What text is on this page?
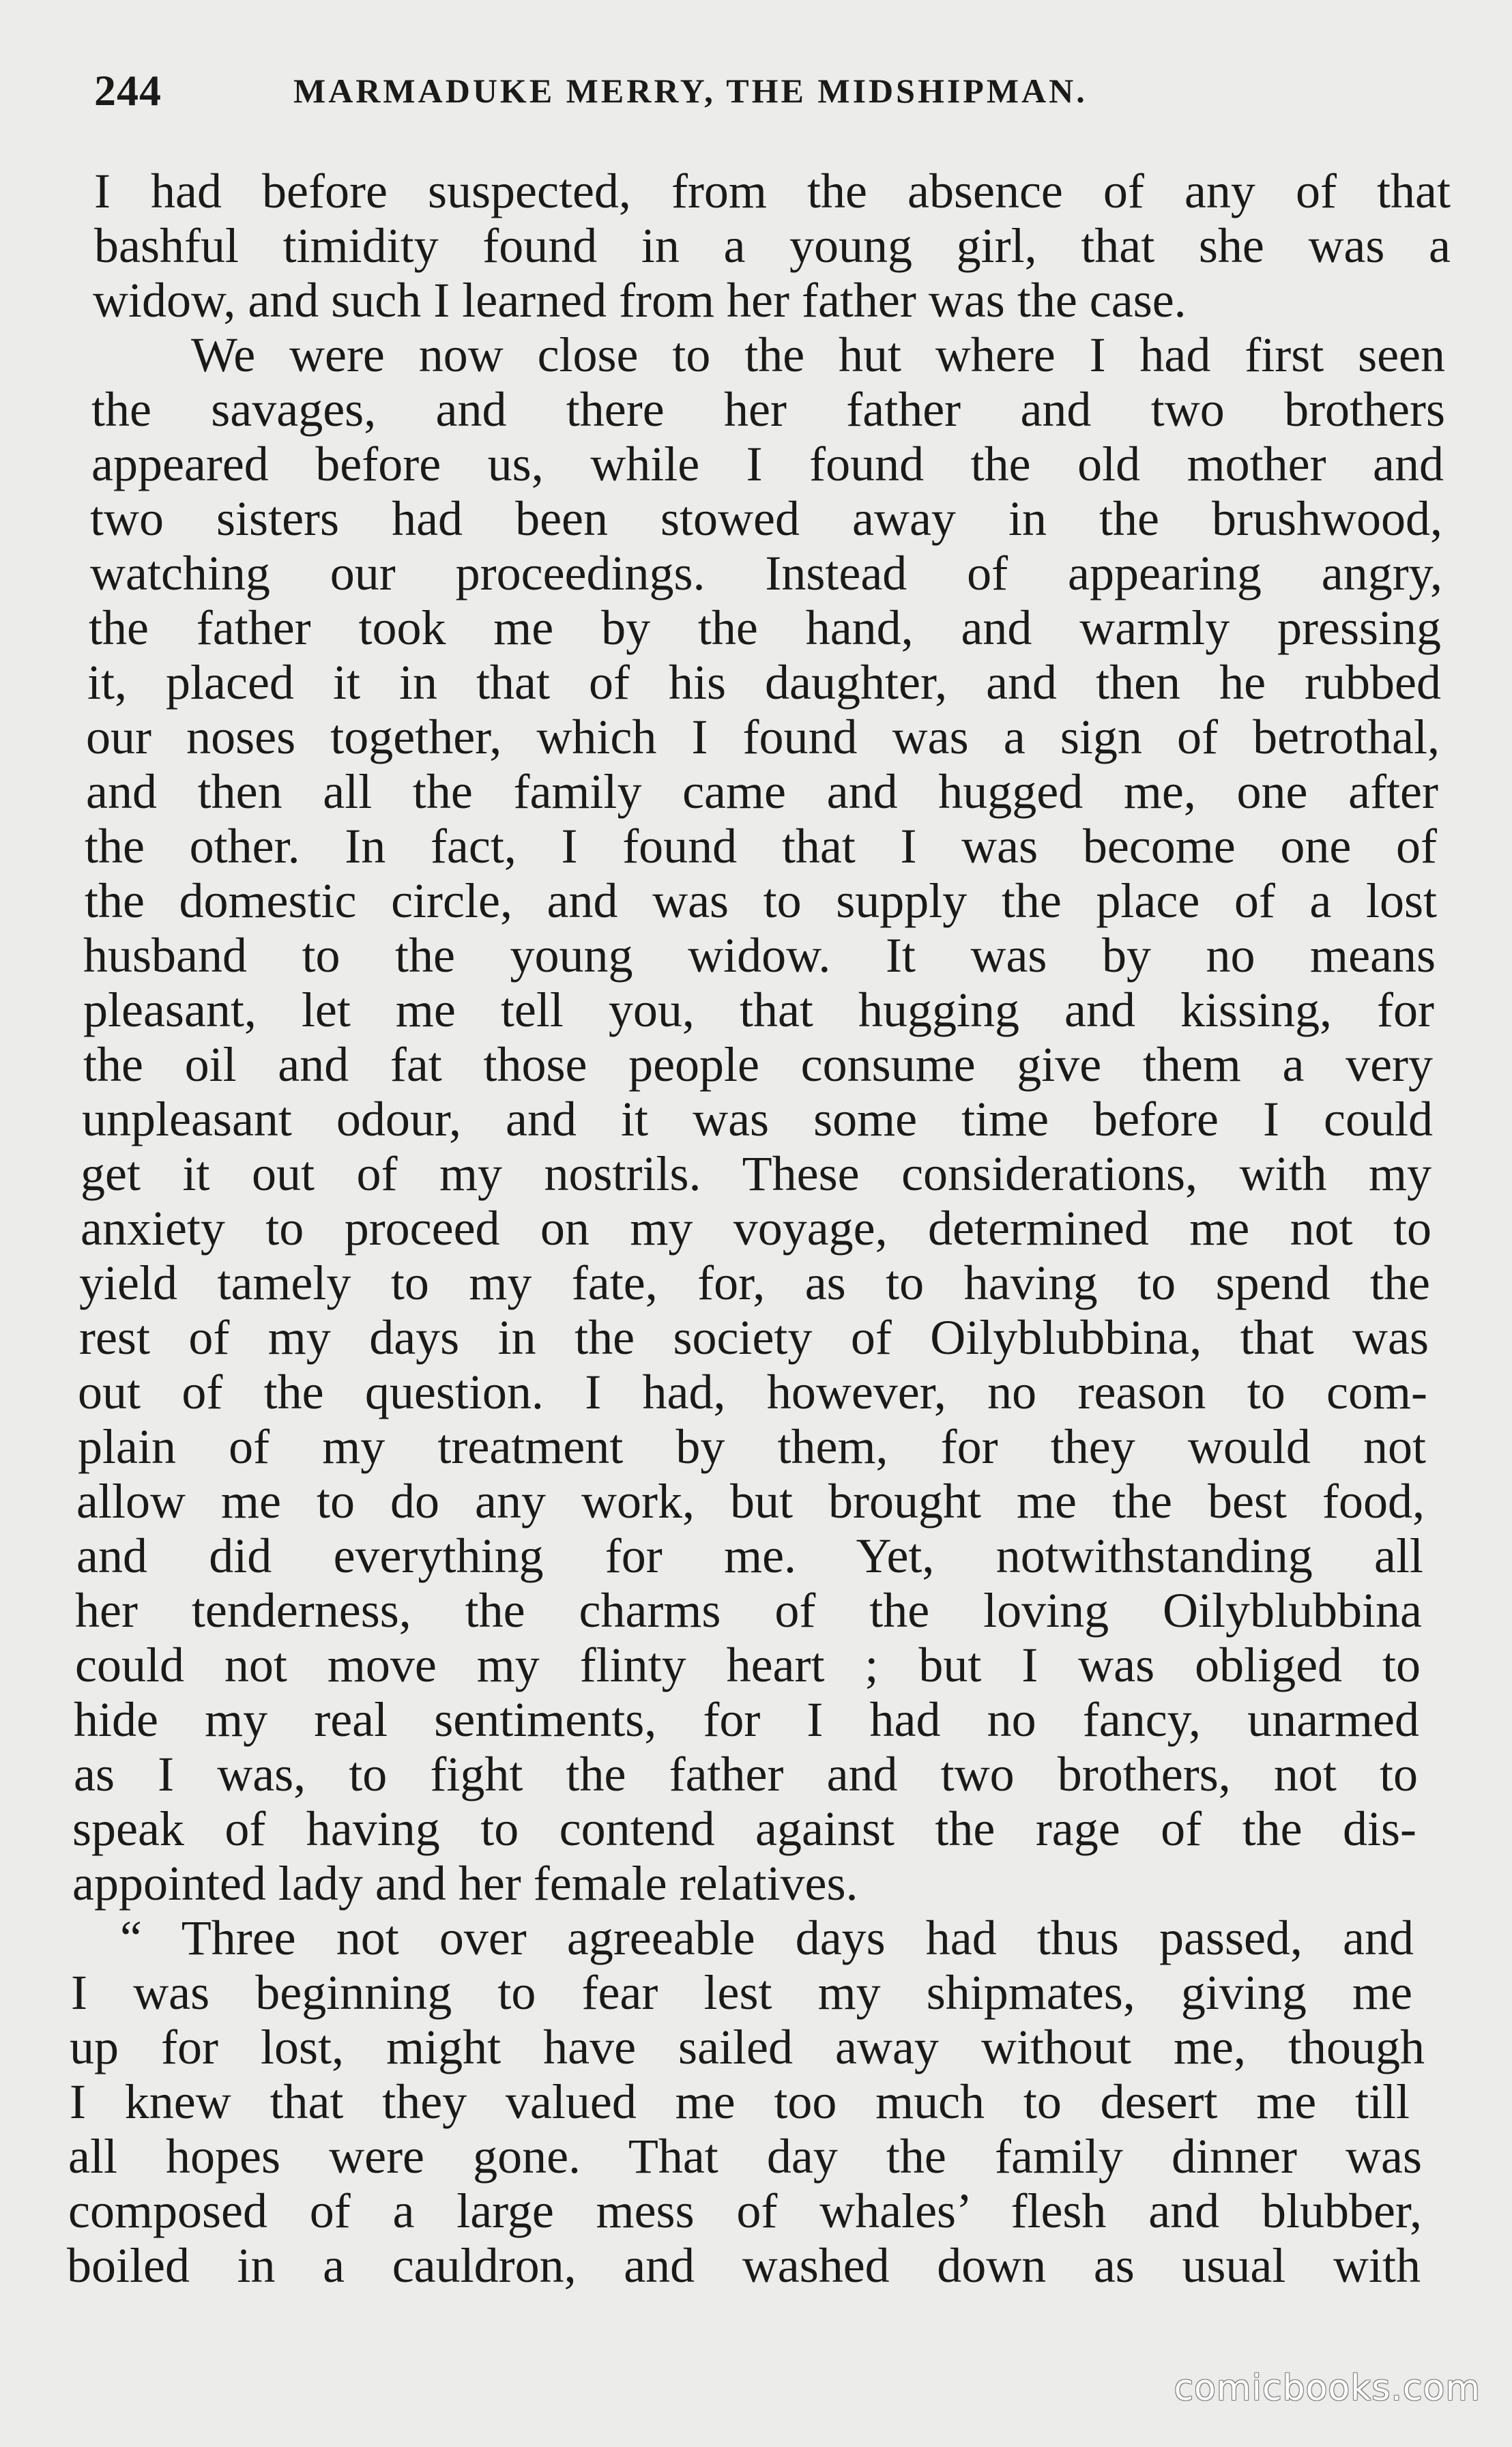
244	MARMADUKE MERRY, THE MIDSHIPMAN.
I had before suspected, from the absence of any of that
bashful timidity found in a young girl, that she was a
widow, and such I learned from her father was the case.
We were now close to the hut where I had first seen
the savages, and there her father and two brothers
appeared before us, while I found the old mother and
two sisters had been stowed away in the brushwood,
watching our proceedings. Instead of appearing angry,
the father took me by the hand, and warmly pressing
it, placed it in that of his daughter, and then he rubbed
our noses together, which I found was a sign of betrothal,
and then all the family came and hugged me, one after
the other. In fact, I found that I was become one of
the domestic circle, and was to supply the place of a lost
husband to the young widow. It was by no means
pleasant, let me tell you, that hugging and kissing, for
the oil and fat those people consume give them a very
unpleasant odour, and it was some time before I could
get it out of my nostrils. These considerations, with my
anxiety to proceed on my voyage, determined me not to
yield tamely to my fate, for, as to having to spend the
rest of my days in the society of Oilyblubbina, that was
out of the question. I had, however, no reason to com-
plain of my treatment by them, for they would not
allow me to do any work, but brought me the best food,
and did everything for me. Yet, notwithstanding all
her tenderness, the charms of the loving Oilyblubbina
could not move my flinty heart ; but I was obliged to
hide my real sentiments, for I had no fancy, unarmed
as I was, to fight the father and two brothers, not to
speak of having to contend against the rage of the dis-
appointed lady and her female relatives.
“ Three not over agreeable days had thus passed, and
I was beginning to fear lest my shipmates, giving me
up for lost, might have sailed away without me, though
I knew that they valued me too much to desert me till
all hopes were gone. That day the family dinner was
composed of a large mess of whales’ flesh and blubber,
boiled in a cauldron, and washed down as usual with
comicbooks.com
